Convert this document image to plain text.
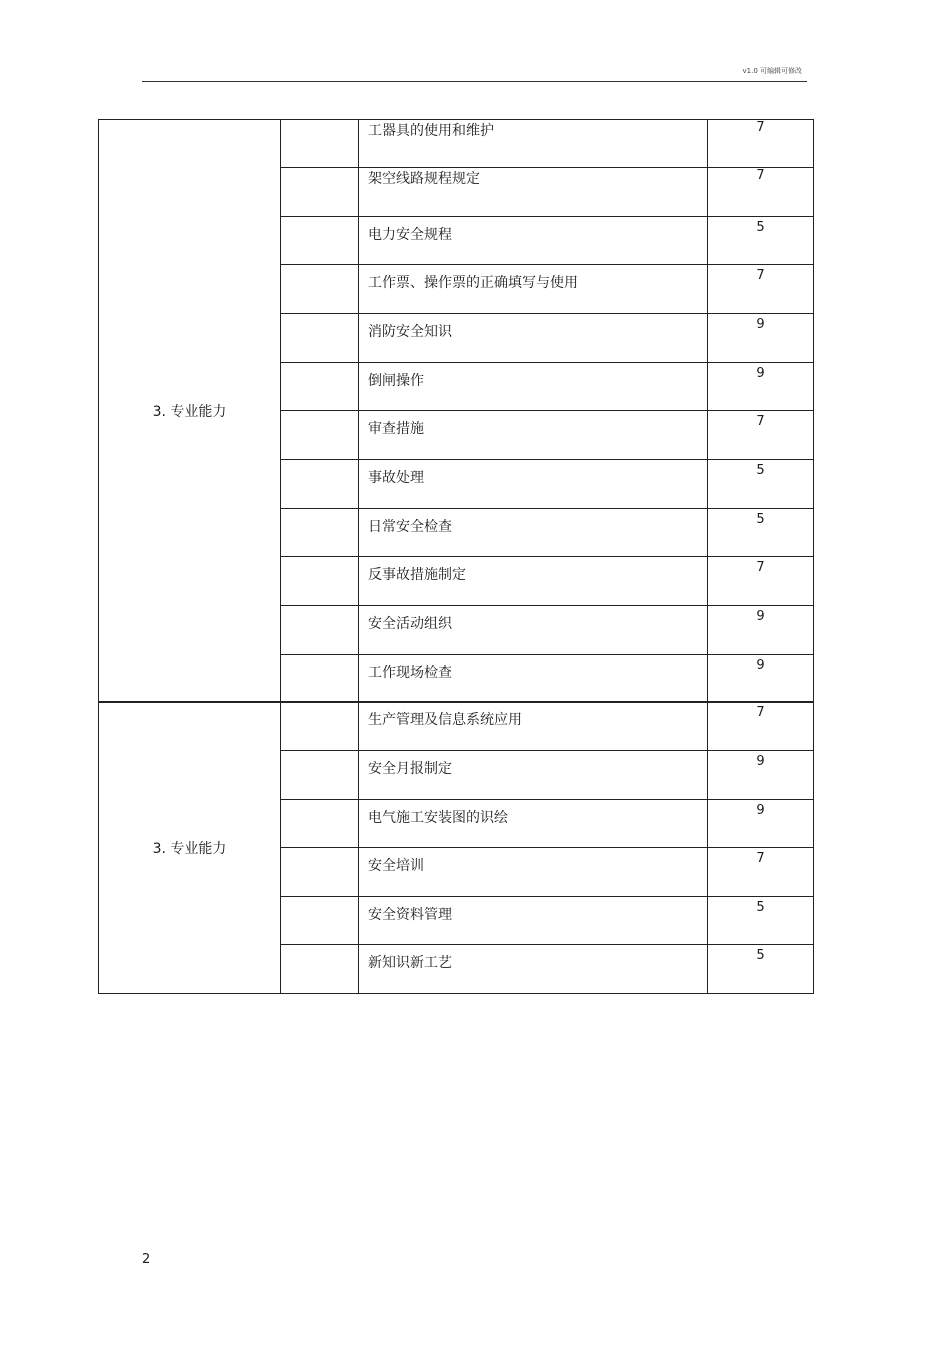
v1.0 可编辑可修改
3. 专业能力		工器具的使用和维护	7

		架空线路规程规定	7

		电力安全规程	5

		工作票、操作票的正确填写与使用	7

		消防安全知识	9

		倒闸操作	9

		审查措施	7

		事故处理	5

		日常安全检查	5

		反事故措施制定	7

		安全活动组织	9

		工作现场检查	9
3. 专业能力		生产管理及信息系统应用	7

		安全月报制定	9

		电气施工安装图的识绘	9

		安全培训	7

		安全资料管理	5

		新知识新工艺	5
2
